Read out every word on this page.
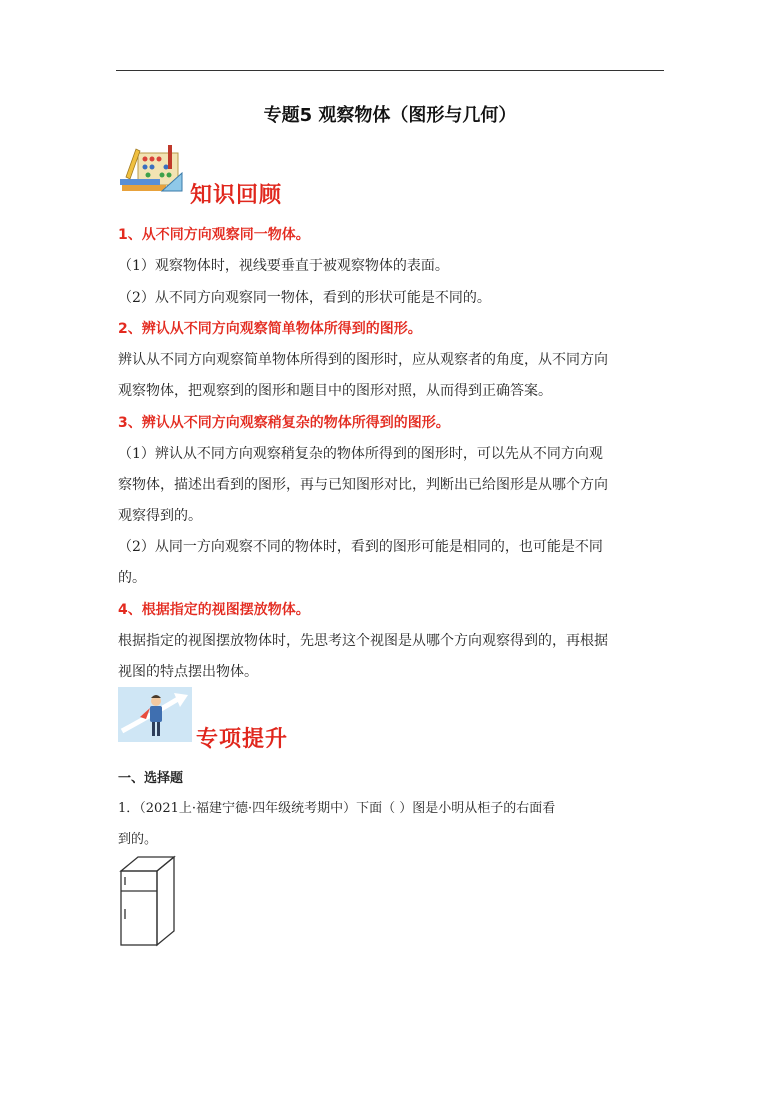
专题5 观察物体（图形与几何）
知识回顾
1、从不同方向观察同一物体。
（1）观察物体时，视线要垂直于被观察物体的表面。
（2）从不同方向观察同一物体，看到的形状可能是不同的。
2、辨认从不同方向观察简单物体所得到的图形。
辨认从不同方向观察简单物体所得到的图形时，应从观察者的角度，从不同方向
观察物体，把观察到的图形和题目中的图形对照，从而得到正确答案。
3、辨认从不同方向观察稍复杂的物体所得到的图形。
（1）辨认从不同方向观察稍复杂的物体所得到的图形时，可以先从不同方向观
察物体，描述出看到的图形，再与已知图形对比，判断出已给图形是从哪个方向
观察得到的。
（2）从同一方向观察不同的物体时，看到的图形可能是相同的，也可能是不同
的。
4、根据指定的视图摆放物体。
根据指定的视图摆放物体时，先思考这个视图是从哪个方向观察得到的，再根据
视图的特点摆出物体。
专项提升
一、选择题
1．（2021上·福建宁德·四年级统考期中）下面（ ）图是小明从柜子的右面看
到的。
